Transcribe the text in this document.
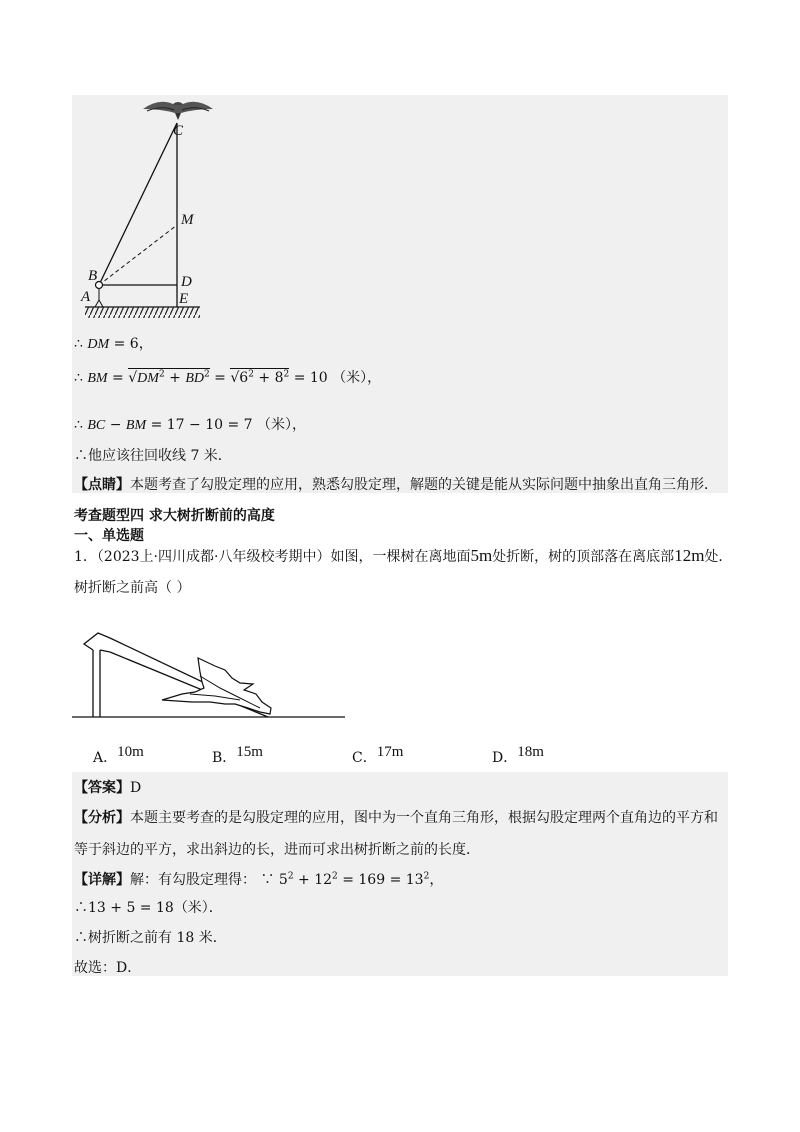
C
M
B	D
A	E
∴ DM = 6，
∴ BM = $√DM^2 + BD^2 = √6^2 + 8^2 = 10$ （米），
∴ BC − BM = 17 − 10 = 7 （米），
∴他应该往回收线 7 米．
【点睛】本题考查了勾股定理的应用，熟悉勾股定理，解题的关键是能从实际问题中抽象出直角三角形．
考查题型四 求大树折断前的高度
一、单选题
1．（2023上·四川成都·八年级校考期中）如图，一棵树在离地面5m处折断，树的顶部落在离底部12m处．
树折断之前高（ ）
A．10m	B．15m	C．17m	D．18m
【答案】D
【分析】本题主要考查的是勾股定理的应用，图中为一个直角三角形，根据勾股定理两个直角边的平方和
等于斜边的平方，求出斜边的长，进而可求出树折断之前的长度．
【详解】解：有勾股定理得： ∵ $5^2 + 12^2 = 169 = 13^2$，
∴13 + 5 = 18（米）．
∴树折断之前有 18 米．
故选：D．
